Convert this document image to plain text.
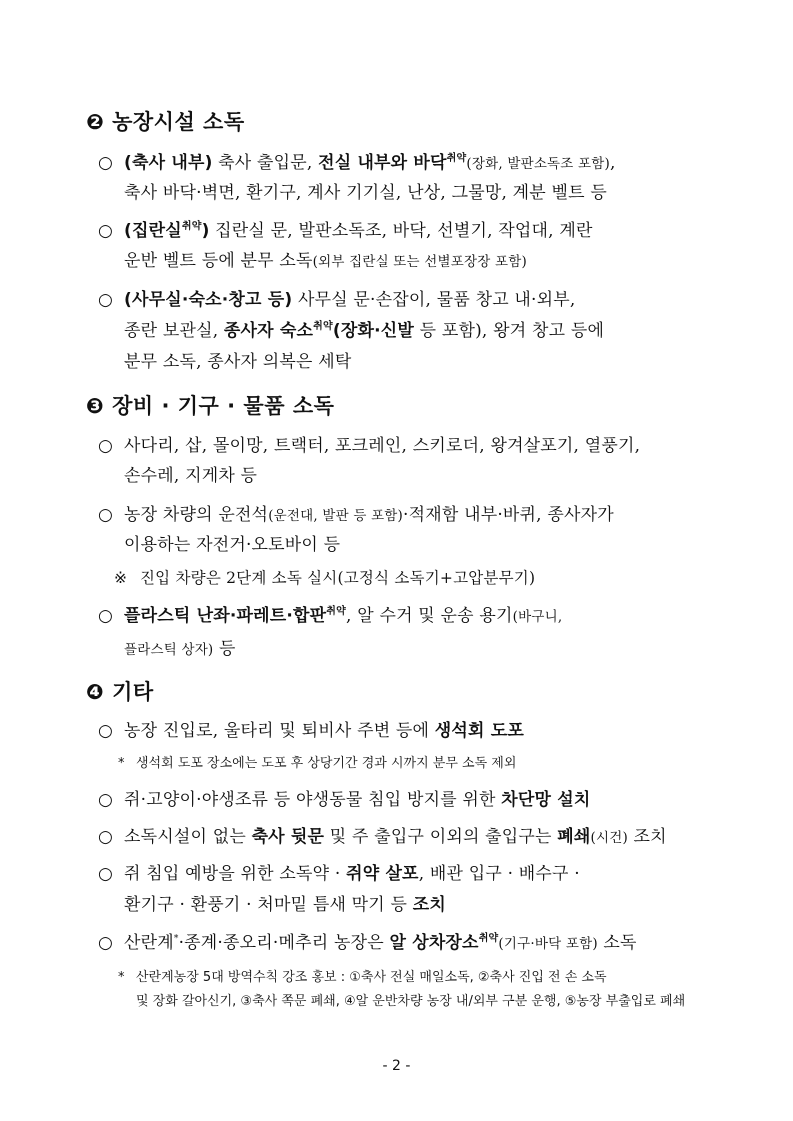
❷ 농장시설 소독
○ (축사 내부) 축사 출입문, 전실 내부와 바닥$^{취약}$(장화, 발판소독조 포함),
축사 바닥·벽면, 환기구, 계사 기기실, 난상, 그물망, 계분 벨트 등
○ (집란실$^{취약}$) 집란실 문, 발판소독조, 바닥, 선별기, 작업대, 계란
운반 벨트 등에 분무 소독(외부 집란실 또는 선별포장장 포함)
○ (사무실·숙소·창고 등) 사무실 문·손잡이, 물품 창고 내·외부,
종란 보관실, 종사자 숙소$^{취약}$(장화·신발 등 포함), 왕겨 창고 등에
분무 소독, 종사자 의복은 세탁
❸ 장비 · 기구 · 물품 소독
○ 사다리, 삽, 몰이망, 트랙터, 포크레인, 스키로더, 왕겨살포기, 열풍기,
손수레, 지게차 등
○ 농장 차량의 운전석(운전대, 발판 등 포함)·적재함 내부·바퀴, 종사자가
이용하는 자전거·오토바이 등
※ 진입 차량은 2단계 소독 실시(고정식 소독기+고압분무기)
○ 플라스틱 난좌·파레트·합판$^{취약}$, 알 수거 및 운송 용기(바구니,
플라스틱 상자) 등
❹ 기타
○ 농장 진입로, 울타리 및 퇴비사 주변 등에 생석회 도포
* 생석회 도포 장소에는 도포 후 상당기간 경과 시까지 분무 소독 제외
○ 쥐·고양이·야생조류 등 야생동물 침입 방지를 위한 차단망 설치
○ 소독시설이 없는 축사 뒷문 및 주 출입구 이외의 출입구는 폐쇄(시건) 조치
○ 쥐 침입 예방을 위한 소독약 · 쥐약 살포, 배관 입구 · 배수구 ·
환기구 · 환풍기 · 처마밑 틈새 막기 등 조치
○ 산란계*·종계·종오리·메추리 농장은 알 상차장소$^{취약}$(기구·바닥 포함) 소독
* 산란계농장 5대 방역수칙 강조 홍보 : ①축사 전실 매일소독, ②축사 진입 전 손 소독
및 장화 갈아신기, ③축사 쪽문 폐쇄, ④알 운반차량 농장 내/외부 구분 운행, ⑤농장 부출입로 폐쇄
- 2 -
